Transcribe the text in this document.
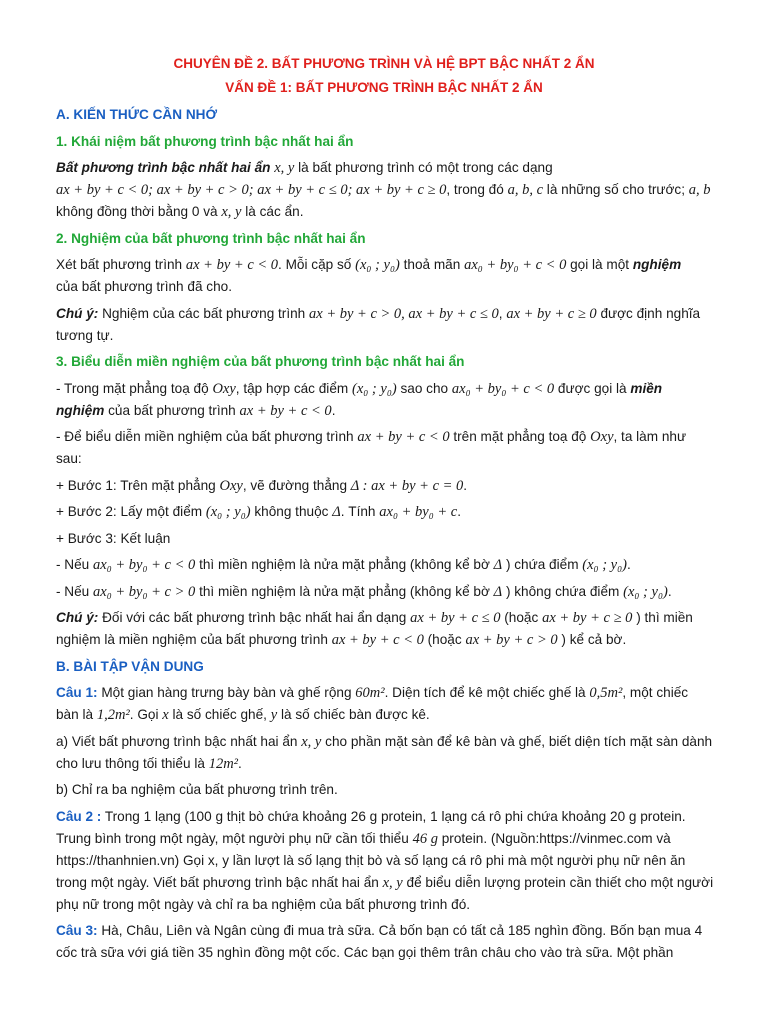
CHUYÊN ĐỀ 2. BẤT PHƯƠNG TRÌNH VÀ HỆ BPT BẬC NHẤT 2 ẨN
VẤN ĐỀ 1: BẤT PHƯƠNG TRÌNH BẬC NHẤT 2 ẨN

A. KIẾN THỨC CẦN NHỚ

1. Khái niệm bất phương trình bậc nhất hai ẩn

Bất phương trình bậc nhất hai ẩn x, y là bất phương trình có một trong các dạng
ax + by + c < 0; ax + by + c > 0; ax + by + c ≤ 0; ax + by + c ≥ 0, trong đó a, b, c là những số cho trước; a, b
không đồng thời bằng 0 và x, y là các ẩn.

2. Nghiệm của bất phương trình bậc nhất hai ẩn

Xét bất phương trình ax + by + c < 0. Mỗi cặp số (x₀ ; y₀) thoả mãn ax₀ + by₀ + c < 0 gọi là một nghiệm
của bất phương trình đã cho.

Chú ý: Nghiệm của các bất phương trình ax + by + c > 0, ax + by + c ≤ 0, ax + by + c ≥ 0 được định nghĩa tương tự.

3. Biểu diễn miền nghiệm của bất phương trình bậc nhất hai ẩn

- Trong mặt phẳng toạ độ Oxy, tập hợp các điểm (x₀ ; y₀) sao cho ax₀ + by₀ + c < 0 được gọi là miền nghiệm của bất phương trình ax + by + c < 0.

- Để biểu diễn miền nghiệm của bất phương trình ax + by + c < 0 trên mặt phẳng toạ độ Oxy, ta làm như sau:

+ Bước 1: Trên mặt phẳng Oxy, vẽ đường thẳng Δ : ax + by + c = 0.

+ Bước 2: Lấy một điểm (x₀ ; y₀) không thuộc Δ. Tính ax₀ + by₀ + c.

+ Bước 3: Kết luận

- Nếu ax₀ + by₀ + c < 0 thì miền nghiệm là nửa mặt phẳng (không kể bờ Δ ) chứa điểm (x₀ ; y₀).

- Nếu ax₀ + by₀ + c > 0 thì miền nghiệm là nửa mặt phẳng (không kể bờ Δ ) không chứa điểm (x₀ ; y₀).

Chú ý: Đối với các bất phương trình bậc nhất hai ẩn dạng ax + by + c ≤ 0 (hoặc ax + by + c ≥ 0 ) thì miền nghiệm là miền nghiệm của bất phương trình ax + by + c < 0 (hoặc ax + by + c > 0 ) kể cả bờ.

B. BÀI TẬP VẬN DUNG

Câu 1: Một gian hàng trưng bày bàn và ghế rộng 60m². Diện tích để kê một chiếc ghế là 0,5m², một chiếc bàn là 1,2m². Gọi x là số chiếc ghế, y là số chiếc bàn được kê.

a) Viết bất phương trình bậc nhất hai ẩn x, y cho phần mặt sàn để kê bàn và ghế, biết diện tích mặt sàn dành cho lưu thông tối thiểu là 12m².

b) Chỉ ra ba nghiệm của bất phương trình trên.

Câu 2 : Trong 1 lạng (100 g thịt bò chứa khoảng 26 g protein, 1 lạng cá rô phi chứa khoảng 20 g protein. Trung bình trong một ngày, một người phụ nữ cần tối thiểu 46 g protein. (Nguồn:https://vinmec.com và https://thanhnien.vn) Gọi x, y lần lượt là số lạng thịt bò và số lạng cá rô phi mà một người phụ nữ nên ăn trong một ngày. Viết bất phương trình bậc nhất hai ẩn x, y để biểu diễn lượng protein cần thiết cho một người phụ nữ trong một ngày và chỉ ra ba nghiệm của bất phương trình đó.

Câu 3: Hà, Châu, Liên và Ngân cùng đi mua trà sữa. Cả bốn bạn có tất cả 185 nghìn đồng. Bốn bạn mua 4 cốc trà sữa với giá tiền 35 nghìn đồng một cốc. Các bạn gọi thêm trân châu cho vào trà sữa. Một phần
